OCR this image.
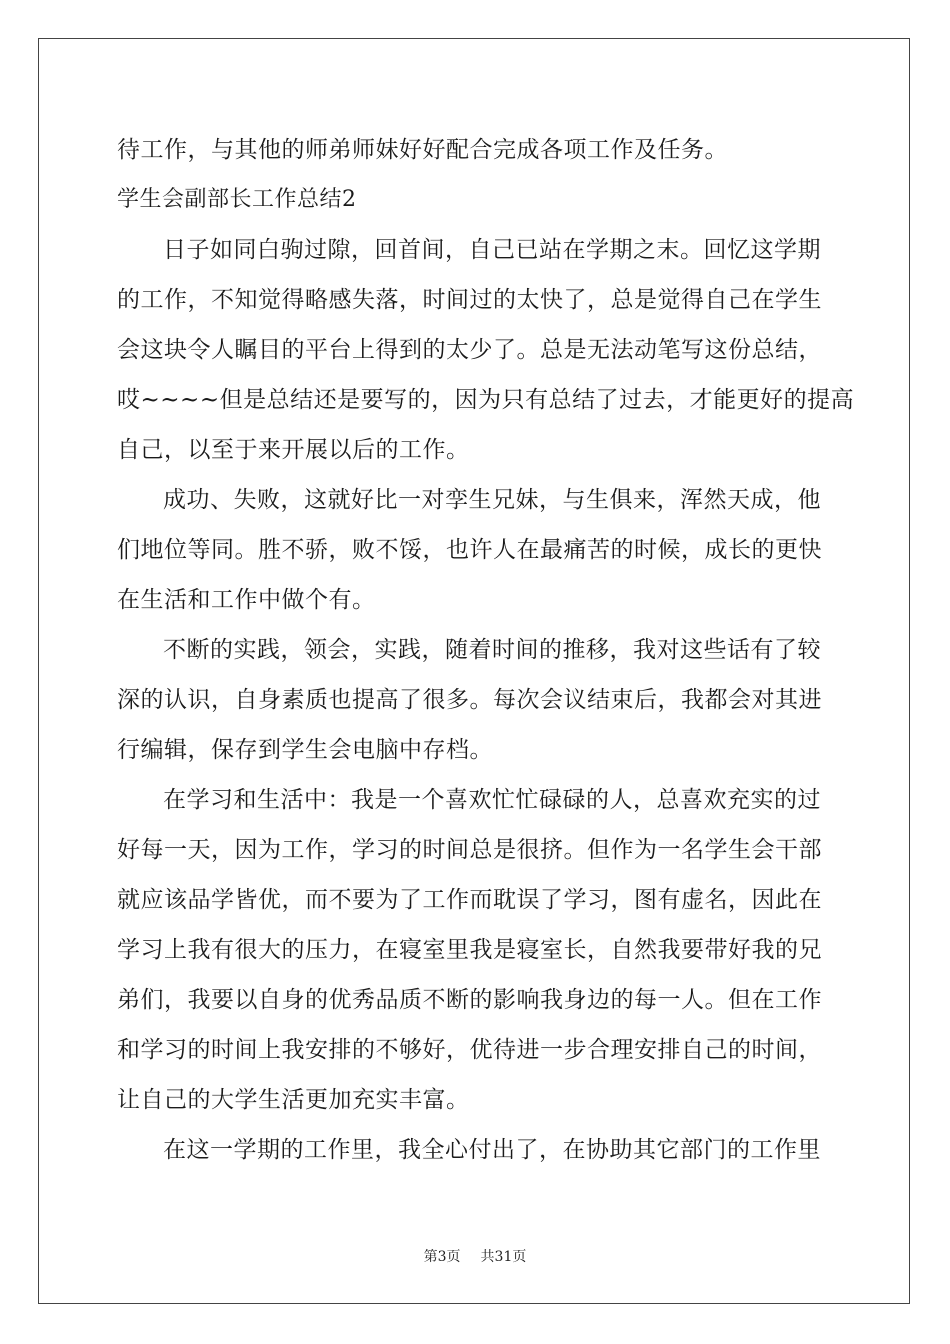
待工作，与其他的师弟师妹好好配合完成各项工作及任务。
学生会副部长工作总结2
日子如同白驹过隙，回首间，自己已站在学期之末。回忆这学期
的工作，不知觉得略感失落，时间过的太快了，总是觉得自己在学生
会这块令人瞩目的平台上得到的太少了。总是无法动笔写这份总结，
哎~~~~但是总结还是要写的，因为只有总结了过去，才能更好的提高
自己，以至于来开展以后的工作。
成功、失败，这就好比一对孪生兄妹，与生俱来，浑然天成，他
们地位等同。胜不骄，败不馁，也许人在最痛苦的时候，成长的更快
在生活和工作中做个有。
不断的实践，领会，实践，随着时间的推移，我对这些话有了较
深的认识，自身素质也提高了很多。每次会议结束后，我都会对其进
行编辑，保存到学生会电脑中存档。
在学习和生活中：我是一个喜欢忙忙碌碌的人，总喜欢充实的过
好每一天，因为工作，学习的时间总是很挤。但作为一名学生会干部
就应该品学皆优，而不要为了工作而耽误了学习，图有虚名，因此在
学习上我有很大的压力，在寝室里我是寝室长，自然我要带好我的兄
弟们，我要以自身的优秀品质不断的影响我身边的每一人。但在工作
和学习的时间上我安排的不够好，优待进一步合理安排自己的时间，
让自己的大学生活更加充实丰富。
在这一学期的工作里，我全心付出了，在协助其它部门的工作里
第3页 共31页
